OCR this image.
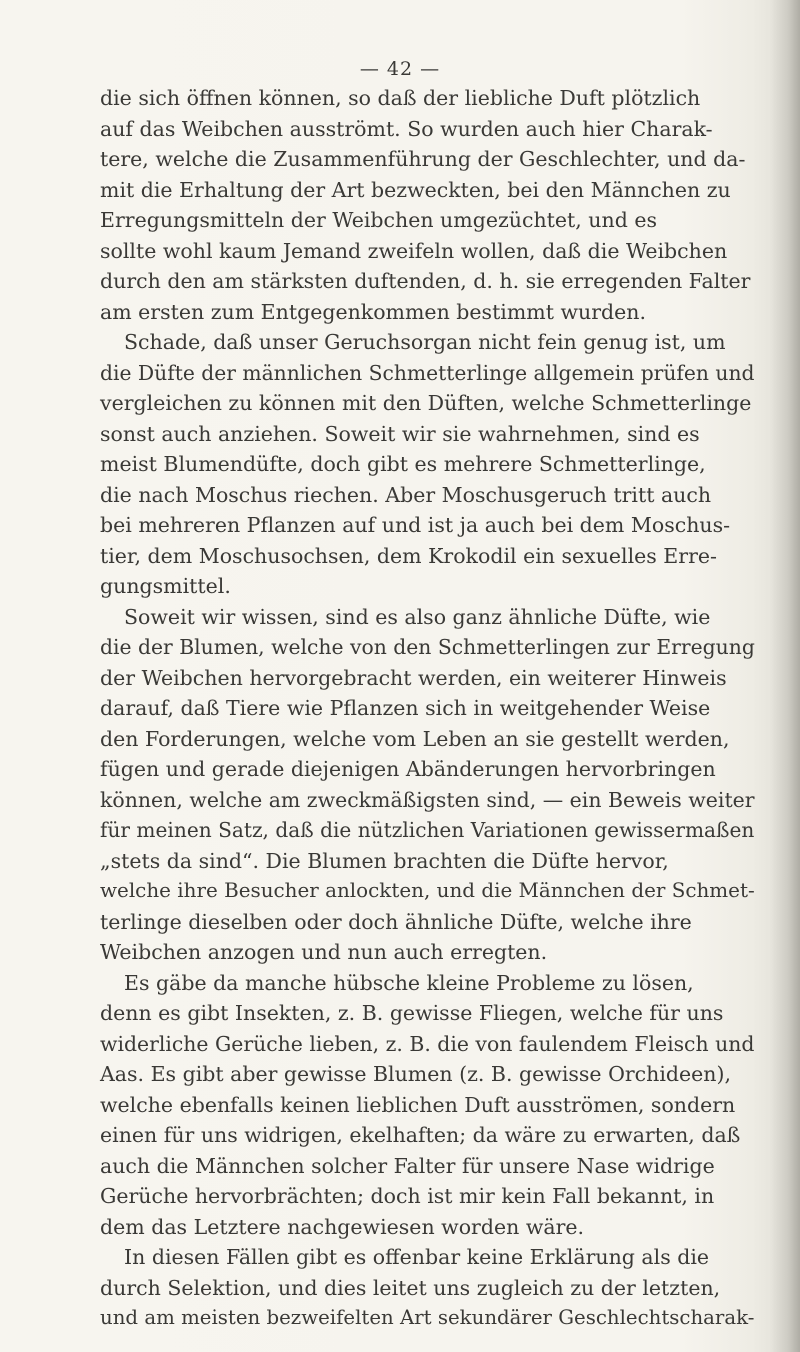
— 42 —
die sich öffnen können, so daß der liebliche Duft plötzlich
auf das Weibchen ausströmt. So wurden auch hier Charak-
tere, welche die Zusammenführung der Geschlechter, und da-
mit die Erhaltung der Art bezweckten, bei den Männchen zu
Erregungsmitteln der Weibchen umgezüchtet, und es
sollte wohl kaum Jemand zweifeln wollen, daß die Weibchen
durch den am stärksten duftenden, d. h. sie erregenden Falter
am ersten zum Entgegenkommen bestimmt wurden.
Schade, daß unser Geruchsorgan nicht fein genug ist, um
die Düfte der männlichen Schmetterlinge allgemein prüfen und
vergleichen zu können mit den Düften, welche Schmetterlinge
sonst auch anziehen. Soweit wir sie wahrnehmen, sind es
meist Blumendüfte, doch gibt es mehrere Schmetterlinge,
die nach Moschus riechen. Aber Moschusgeruch tritt auch
bei mehreren Pflanzen auf und ist ja auch bei dem Moschus-
tier, dem Moschusochsen, dem Krokodil ein sexuelles Erre-
gungsmittel.
Soweit wir wissen, sind es also ganz ähnliche Düfte, wie
die der Blumen, welche von den Schmetterlingen zur Erregung
der Weibchen hervorgebracht werden, ein weiterer Hinweis
darauf, daß Tiere wie Pflanzen sich in weitgehender Weise
den Forderungen, welche vom Leben an sie gestellt werden,
fügen und gerade diejenigen Abänderungen hervorbringen
können, welche am zweckmäßigsten sind, — ein Beweis weiter
für meinen Satz, daß die nützlichen Variationen gewissermaßen
„stets da sind“. Die Blumen brachten die Düfte hervor,
welche ihre Besucher anlockten, und die Männchen der Schmet-
terlinge dieselben oder doch ähnliche Düfte, welche ihre
Weibchen anzogen und nun auch erregten.
Es gäbe da manche hübsche kleine Probleme zu lösen,
denn es gibt Insekten, z. B. gewisse Fliegen, welche für uns
widerliche Gerüche lieben, z. B. die von faulendem Fleisch und
Aas. Es gibt aber gewisse Blumen (z. B. gewisse Orchideen),
welche ebenfalls keinen lieblichen Duft ausströmen, sondern
einen für uns widrigen, ekelhaften; da wäre zu erwarten, daß
auch die Männchen solcher Falter für unsere Nase widrige
Gerüche hervorbrächten; doch ist mir kein Fall bekannt, in
dem das Letztere nachgewiesen worden wäre.
In diesen Fällen gibt es offenbar keine Erklärung als die
durch Selektion, und dies leitet uns zugleich zu der letzten,
und am meisten bezweifelten Art sekundärer Geschlechtscharak-
